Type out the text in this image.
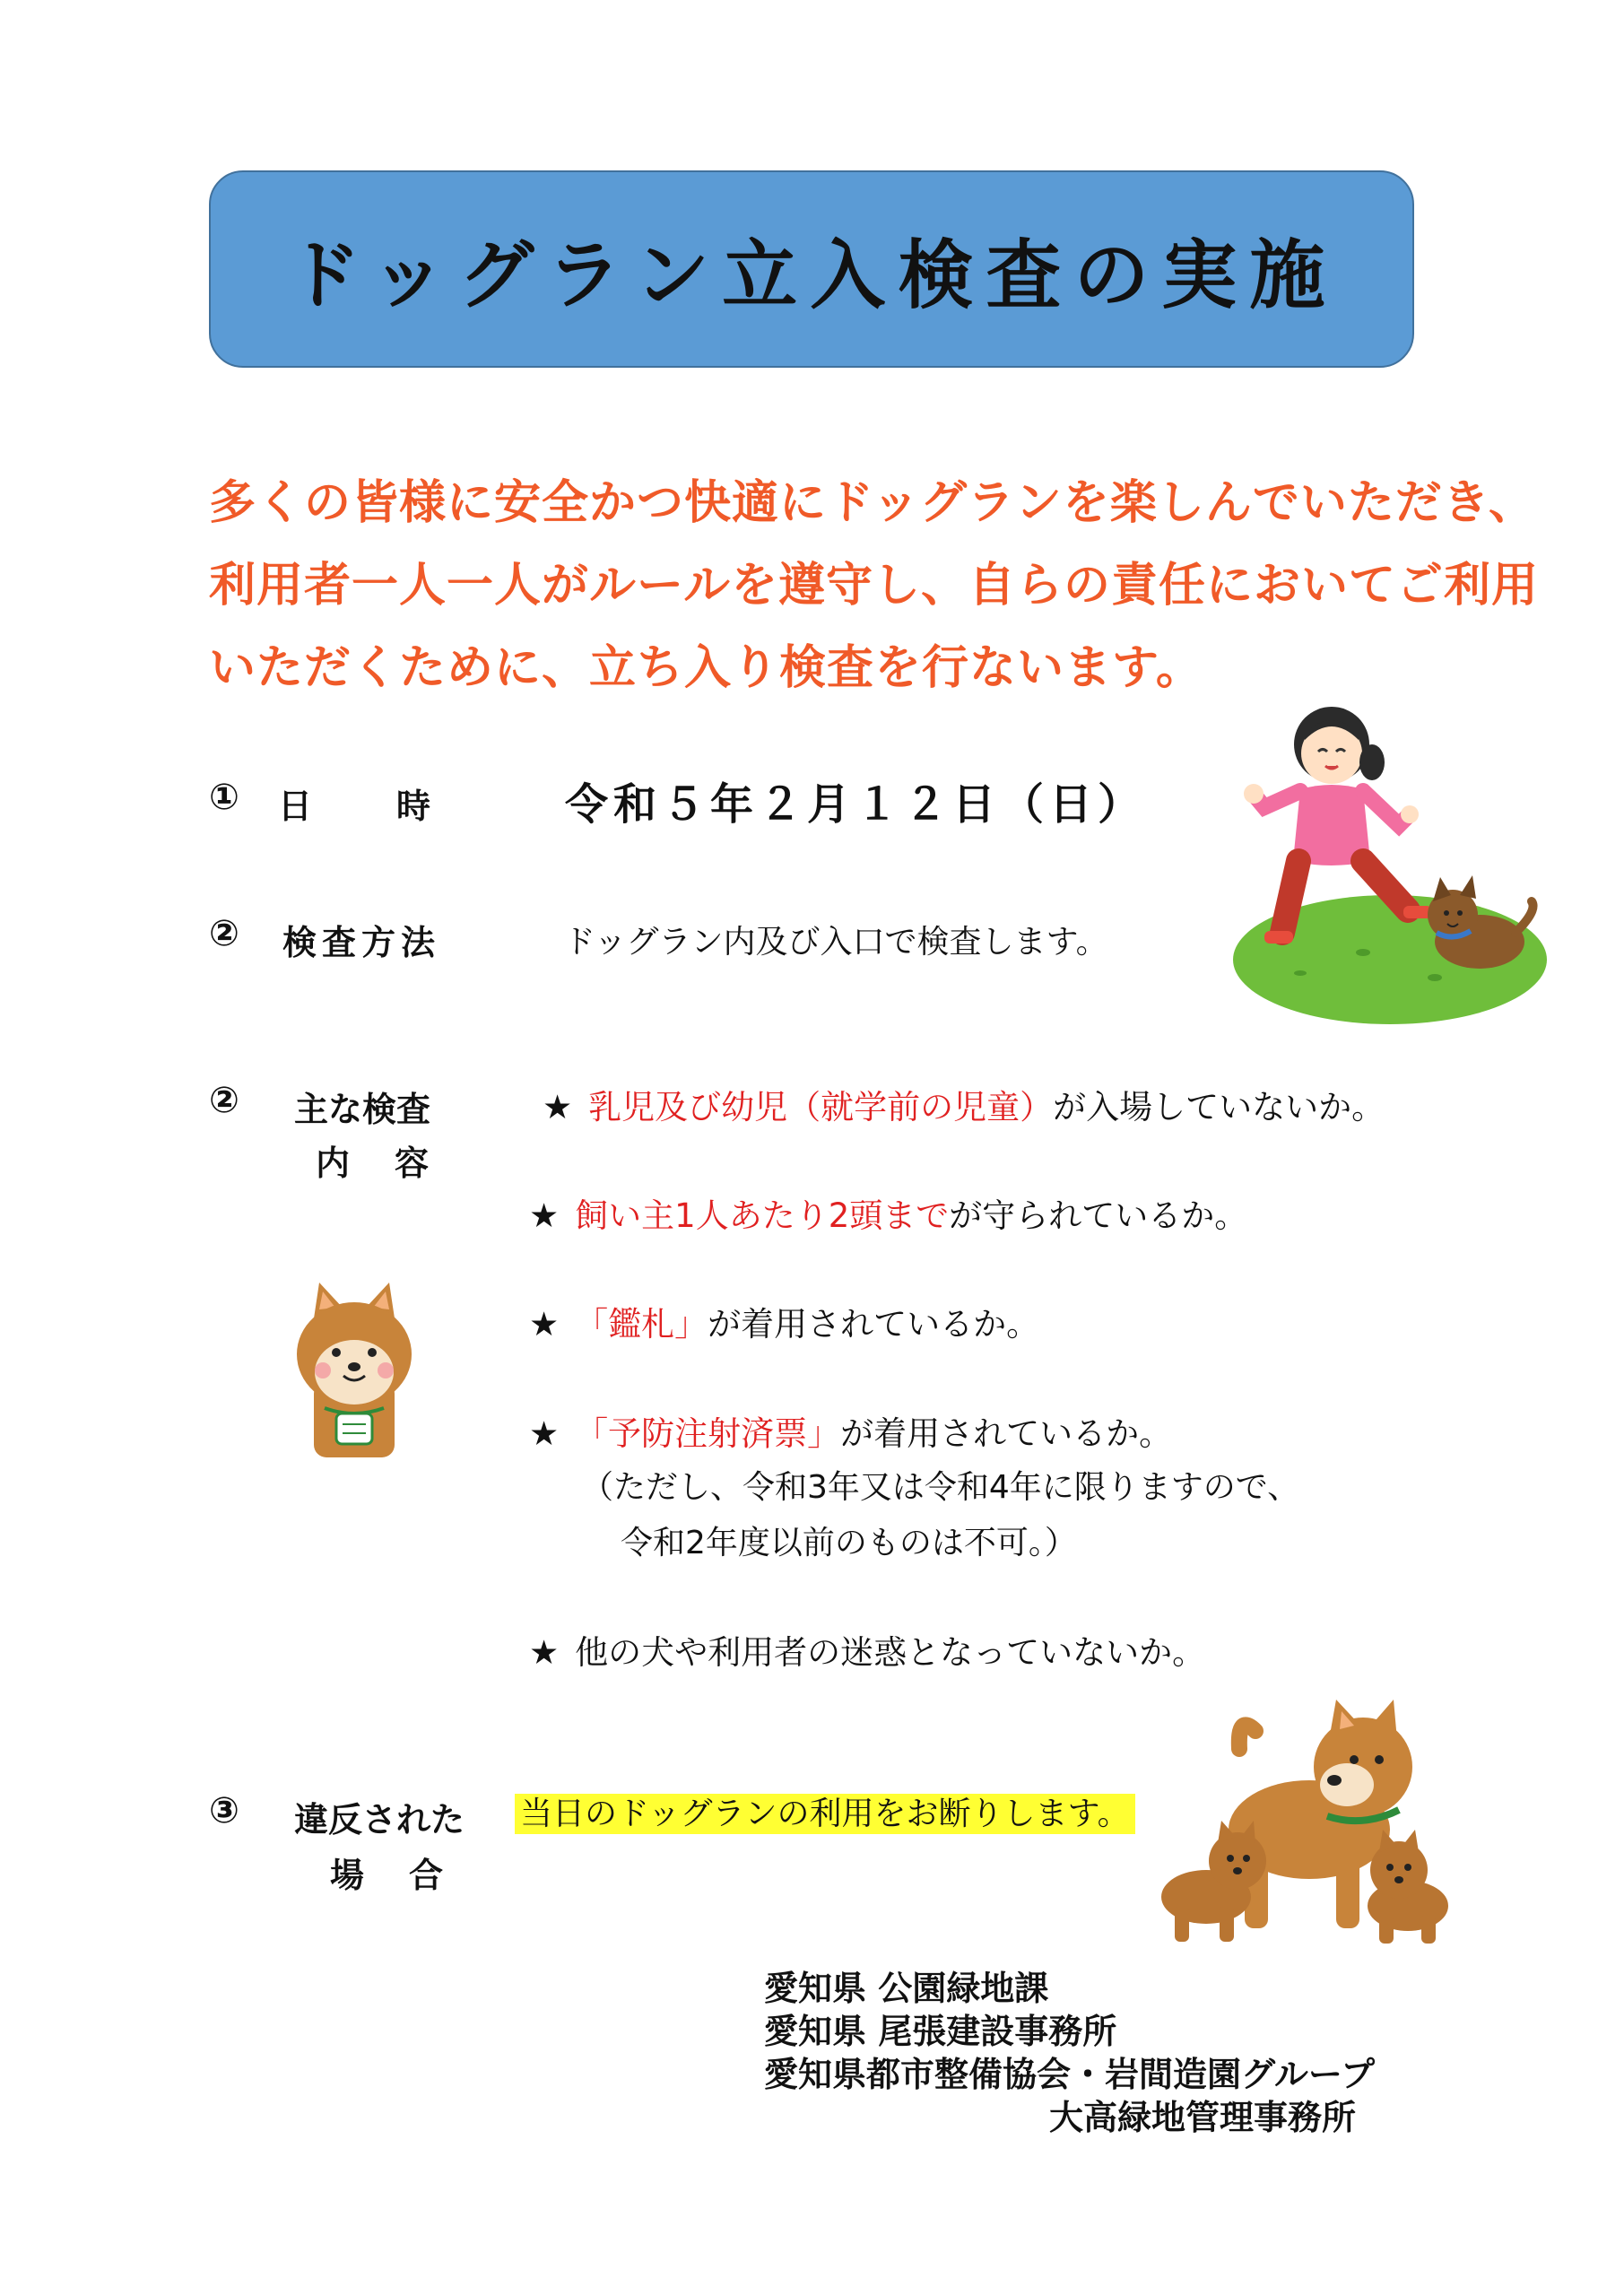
ドッグラン立入検査の実施
多くの皆様に安全かつ快適にドッグランを楽しんでいただき、
利用者一人一人がルールを遵守し、自らの責任においてご利用
いただくために、立ち入り検査を行ないます。
① 日　　時	令和５年２月１２日（日）
② 検査方法	ドッグラン内及び入口で検査します。
② 主な検査
内　容
★ 乳児及び幼児（就学前の児童）が入場していないか。
★ 飼い主1人あたり2頭までが守られているか。
★ 「鑑札」が着用されているか。
★ 「予防注射済票」が着用されているか。
（ただし、令和3年又は令和4年に限りますので、
令和2年度以前のものは不可。）
★ 他の犬や利用者の迷惑となっていないか。
③ 違反された
場　合
当日のドッグランの利用をお断りします。
愛知県 公園緑地課
愛知県 尾張建設事務所
愛知県都市整備協会・岩間造園グループ
大高緑地管理事務所
